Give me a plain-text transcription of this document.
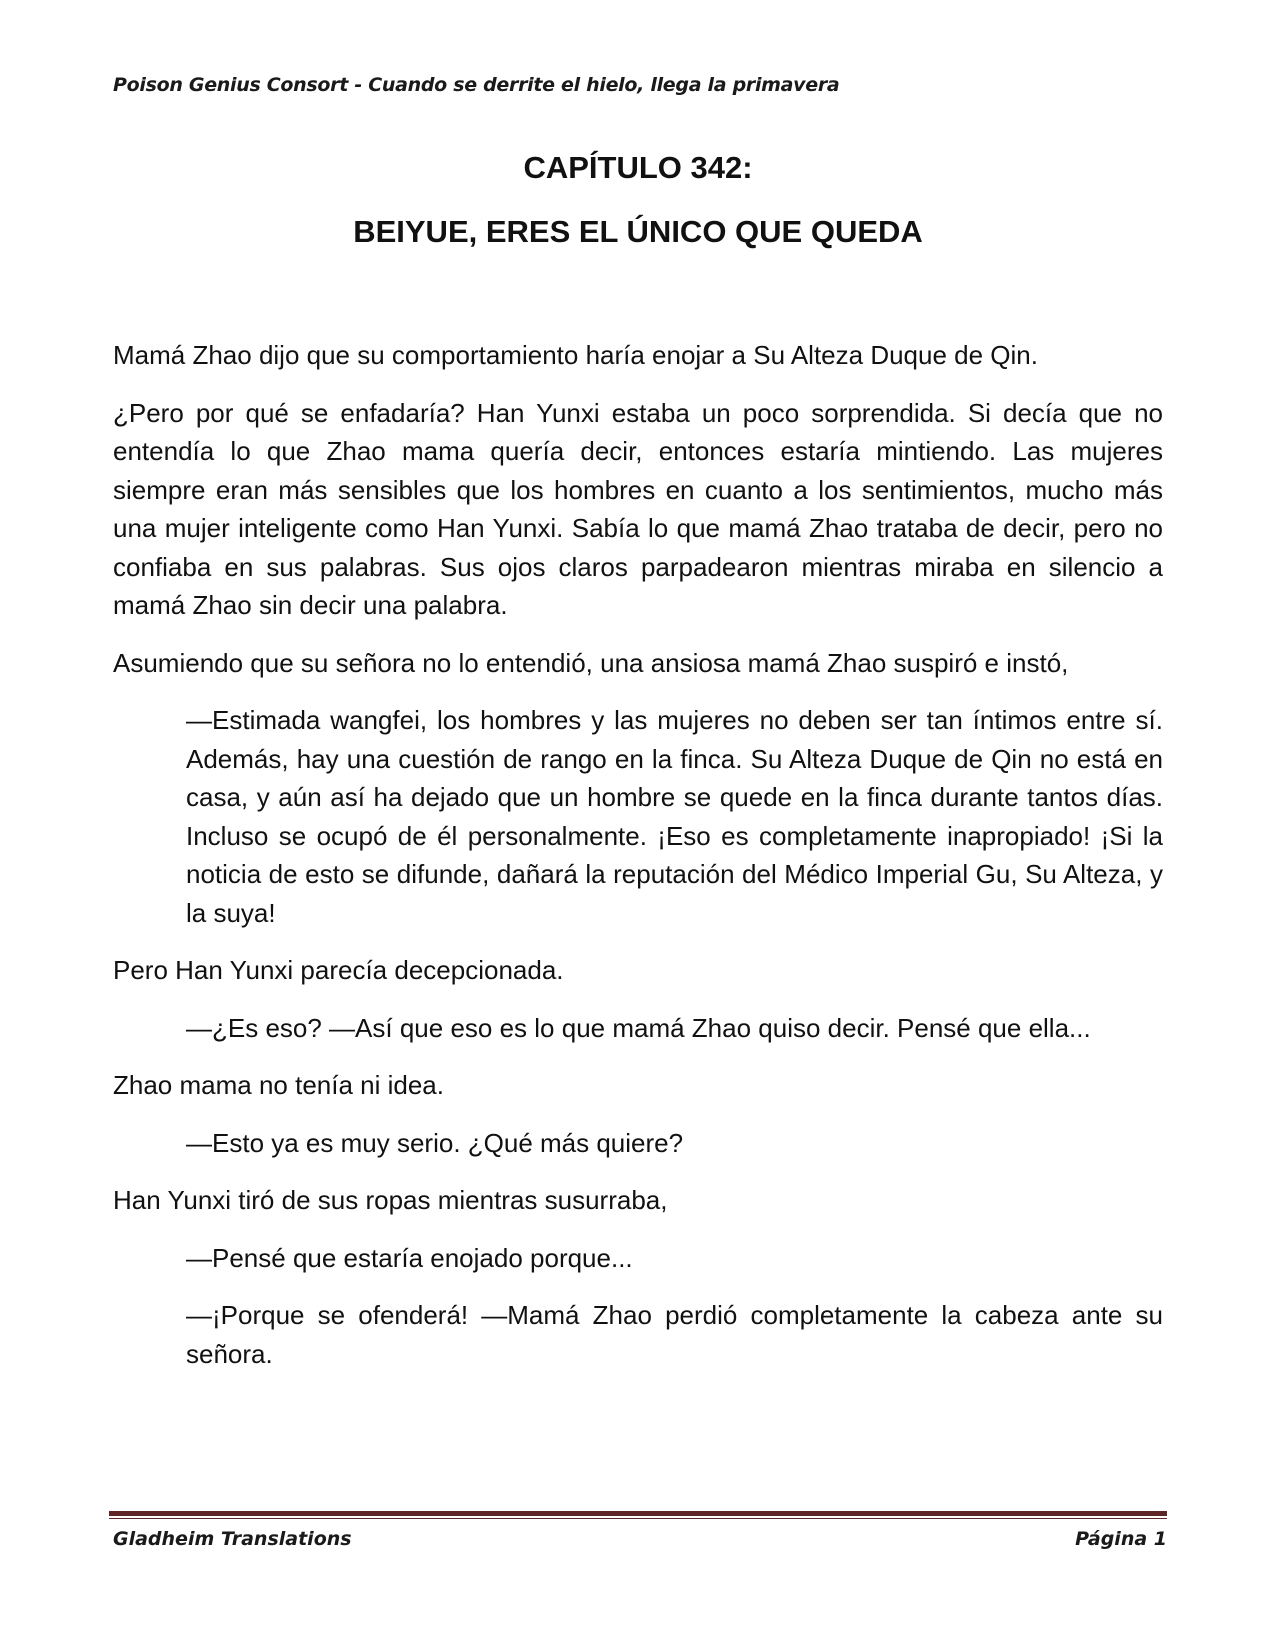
Poison Genius Consort - Cuando se derrite el hielo, llega la primavera
CAPÍTULO 342:
BEIYUE, ERES EL ÚNICO QUE QUEDA

Mamá Zhao dijo que su comportamiento haría enojar a Su Alteza Duque de Qin.

¿Pero por qué se enfadaría? Han Yunxi estaba un poco sorprendida. Si decía que no entendía lo que Zhao mama quería decir, entonces estaría mintiendo. Las mujeres siempre eran más sensibles que los hombres en cuanto a los sentimientos, mucho más una mujer inteligente como Han Yunxi. Sabía lo que mamá Zhao trataba de decir, pero no confiaba en sus palabras. Sus ojos claros parpadearon mientras miraba en silencio a mamá Zhao sin decir una palabra.

Asumiendo que su señora no lo entendió, una ansiosa mamá Zhao suspiró e instó,

—Estimada wangfei, los hombres y las mujeres no deben ser tan íntimos entre sí. Además, hay una cuestión de rango en la finca. Su Alteza Duque de Qin no está en casa, y aún así ha dejado que un hombre se quede en la finca durante tantos días. Incluso se ocupó de él personalmente. ¡Eso es completamente inapropiado! ¡Si la noticia de esto se difunde, dañará la reputación del Médico Imperial Gu, Su Alteza, y la suya!

Pero Han Yunxi parecía decepcionada.

—¿Es eso? —Así que eso es lo que mamá Zhao quiso decir. Pensé que ella...

Zhao mama no tenía ni idea.

—Esto ya es muy serio. ¿Qué más quiere?

Han Yunxi tiró de sus ropas mientras susurraba,

—Pensé que estaría enojado porque...

—¡Porque se ofenderá! —Mamá Zhao perdió completamente la cabeza ante su señora.

Gladheim Translations	Página 1
